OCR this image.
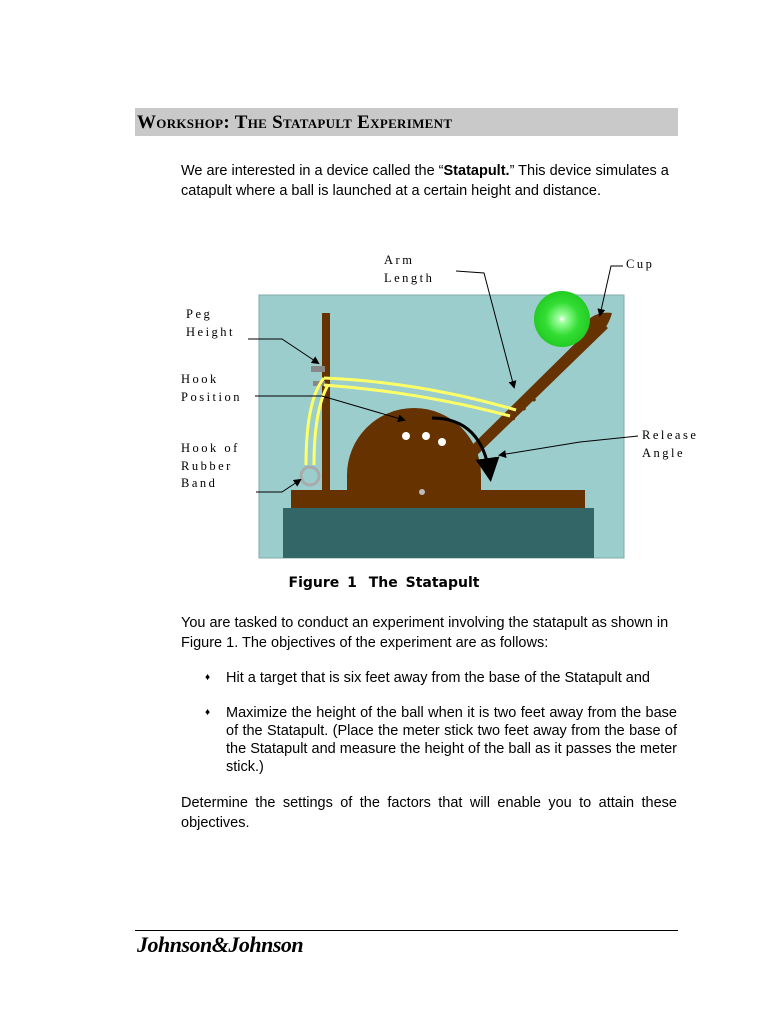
Workshop: The Statapult Experiment
We are interested in a device called the “Statapult.” This device simulates a catapult where a ball is launched at a certain height and distance.
Arm
Length
Cup
Peg
Height
Hook
Position
Hook of
Rubber
Band
Release
Angle
Figure 1 The Statapult
You are tasked to conduct an experiment involving the statapult as shown in Figure 1. The objectives of the experiment are as follows:
♦ Hit a target that is six feet away from the base of the Statapult and
♦ Maximize the height of the ball when it is two feet away from the base of the Statapult. (Place the meter stick two feet away from the base of the Statapult and measure the height of the ball as it passes the meter stick.)
Determine the settings of the factors that will enable you to attain these objectives.
Johnson&Johnson
